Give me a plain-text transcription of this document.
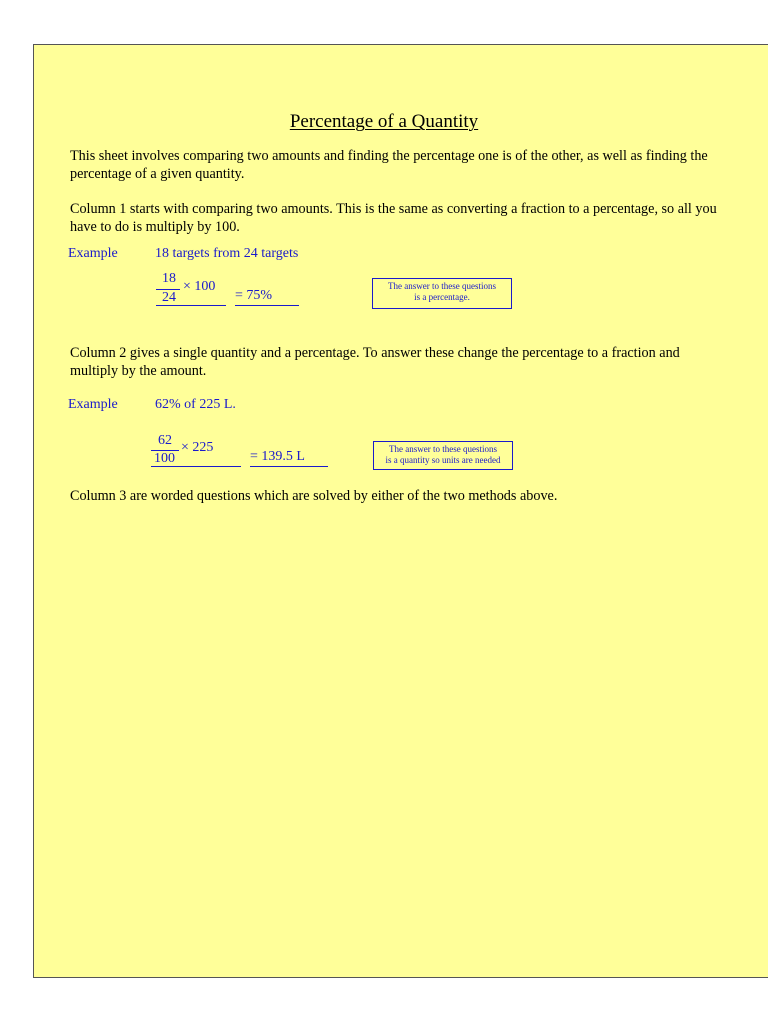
Percentage of a Quantity
This sheet involves comparing two amounts and finding the percentage one is of the other, as well as finding the percentage of a given quantity.
Column 1 starts with comparing two amounts. This is the same as converting a fraction to a percentage, so all you have to do is multiply by 100.
Example	18 targets from 24 targets
18
24
× 100
= 75%
The answer to these questions
is a percentage.
Column 2 gives a single quantity and a percentage. To answer these change the percentage to a fraction and multiply by the amount.
Example	62% of 225 L.
62
100
× 225
= 139.5 L	The answer to these questions
is a quantity so units are needed
Column 3 are worded questions which are solved by either of the two methods above.
